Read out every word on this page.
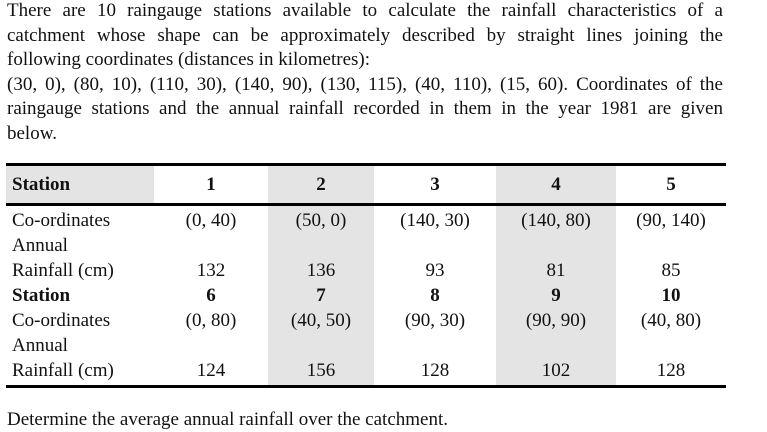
There are 10 raingauge stations available to calculate the rainfall characteristics of a
catchment whose shape can be approximately described by straight lines joining the
following coordinates (distances in kilometres):
(30, 0), (80, 10), (110, 30), (140, 90), (130, 115), (40, 110), (15, 60). Coordinates of the
raingauge stations and the annual rainfall recorded in them in the year 1981 are given
below.
Station	1	2	3	4	5
Co-ordinates	(0, 40)	(50, 0)	(140, 30)	(140, 80)	(90, 140)
Annual					
Rainfall (cm)	132	136	93	81	85
Station	6	7	8	9	10
Co-ordinates	(0, 80)	(40, 50)	(90, 30)	(90, 90)	(40, 80)
Annual					
Rainfall (cm)	124	156	128	102	128
Determine the average annual rainfall over the catchment.
